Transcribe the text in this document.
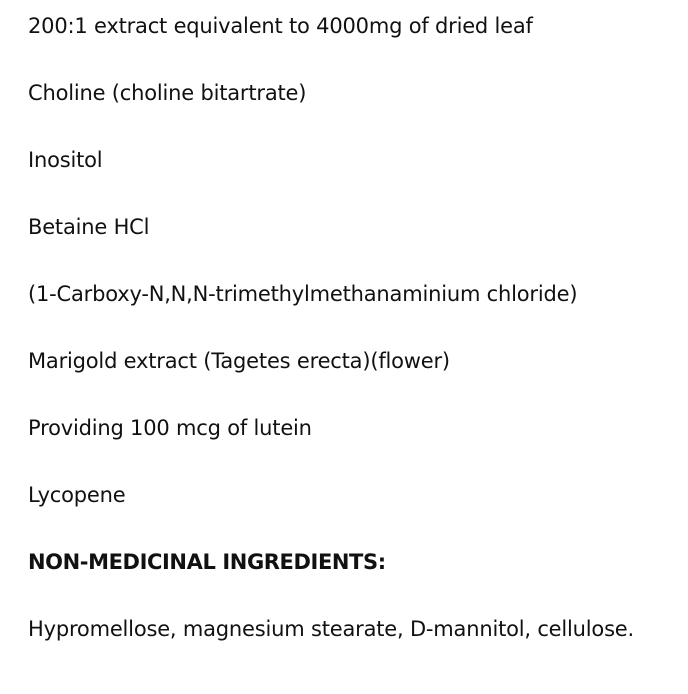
200:1 extract equivalent to 4000mg of dried leaf
Choline (choline bitartrate)
Inositol
Betaine HCl
(1-Carboxy-N,N,N-trimethylmethanaminium chloride)
Marigold extract (Tagetes erecta)(flower)
Providing 100 mcg of lutein
Lycopene
NON-MEDICINAL INGREDIENTS:
Hypromellose, magnesium stearate, D-mannitol, cellulose.
